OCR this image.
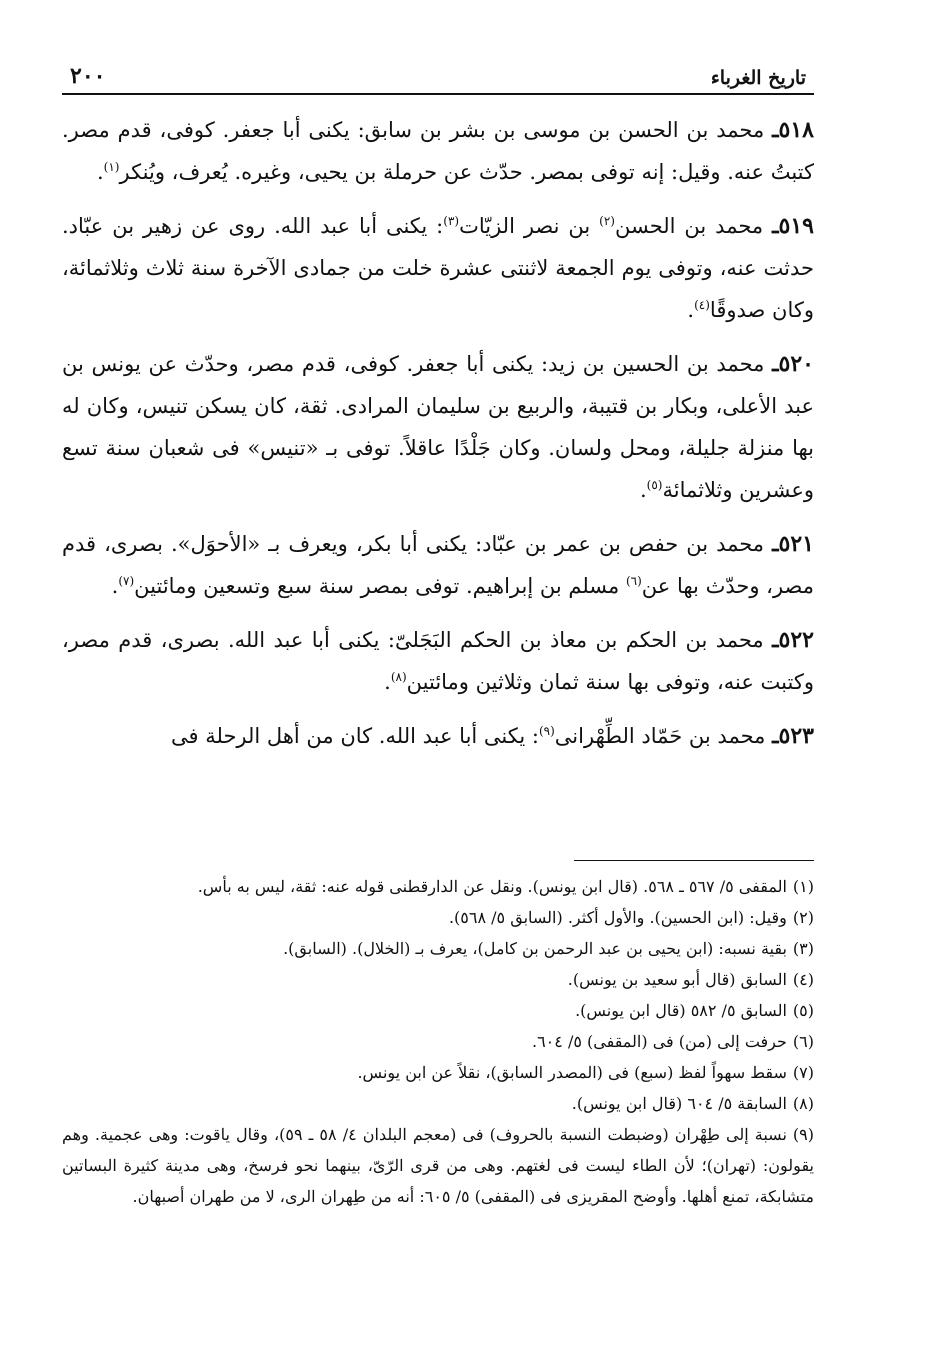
تاريخ الغرباء
٢٠٠

٥١٨ـ محمد بن الحسن بن موسى بن بشر بن سابق: يكنى أبا جعفر. كوفى، قدم مصر. كتبتُ عنه. وقيل: إنه توفى بمصر. حدّث عن حرملة بن يحيى، وغيره. يُعرف، ويُنكر$^{(١)}$.

٥١٩ـ محمد بن الحسن$^{(٢)}$ بن نصر الزيّات$^{(٣)}$: يكنى أبا عبد الله. روى عن زهير بن عبّاد. حدثت عنه، وتوفى يوم الجمعة لاثنتى عشرة خلت من جمادى الآخرة سنة ثلاث وثلاثمائة، وكان صدوقًا$^{(٤)}$.

٥٢٠ـ محمد بن الحسين بن زيد: يكنى أبا جعفر. كوفى، قدم مصر، وحدّث عن يونس بن عبد الأعلى، وبكار بن قتيبة، والربيع بن سليمان المرادى. ثقة، كان يسكن تنيس، وكان له بها منزلة جليلة، ومحل ولسان. وكان جَلْدًا عاقلاً. توفى بـ «تنيس» فى شعبان سنة تسع وعشرين وثلاثمائة$^{(٥)}$.

٥٢١ـ محمد بن حفص بن عمر بن عبّاد: يكنى أبا بكر، ويعرف بـ «الأحوَل». بصرى، قدم مصر، وحدّث بها عن$^{(٦)}$ مسلم بن إبراهيم. توفى بمصر سنة سبع وتسعين ومائتين$^{(٧)}$.

٥٢٢ـ محمد بن الحكم بن معاذ بن الحكم البَجَلىّ: يكنى أبا عبد الله. بصرى، قدم مصر، وكتبت عنه، وتوفى بها سنة ثمان وثلاثين ومائتين$^{(٨)}$.

٥٢٣ـ محمد بن حَمّاد الطِّهْرانى$^{(٩)}$: يكنى أبا عبد الله. كان من أهل الرحلة فى

(١)المقفى ٥/ ٥٦٧ ـ ٥٦٨. (قال ابن يونس). ونقل عن الدارقطنى قوله عنه: ثقة، ليس به بأس.

(٢)وقيل: (ابن الحسين). والأول أكثر. (السابق ٥/ ٥٦٨).

(٣)بقية نسبه: (ابن يحيى بن عبد الرحمن بن كامل)، يعرف بـ (الخلال). (السابق).

(٤)السابق (قال أبو سعيد بن يونس).

(٥)السابق ٥/ ٥٨٢ (قال ابن يونس).

(٦)حرفت إلى (من) فى (المقفى) ٥/ ٦٠٤.

(٧)سقط سهواً لفظ (سبع) فى (المصدر السابق)، نقلاً عن ابن يونس.

(٨)السابقة ٥/ ٦٠٤ (قال ابن يونس).

(٩)نسبة إلى طِهْران (وضبطت النسبة بالحروف) فى (معجم البلدان ٤/ ٥٨ ـ ٥٩)، وقال ياقوت: وهى عجمية. وهم يقولون: (تهران)؛ لأن الطاء ليست فى لغتهم. وهى من قرى الرّىّ، بينهما نحو فرسخ، وهى مدينة كثيرة البساتين متشابكة، تمنع أهلها. وأوضح المقريزى فى (المقفى) ٥/ ٦٠٥: أنه من طِهران الرى، لا من طهران أصبهان.
